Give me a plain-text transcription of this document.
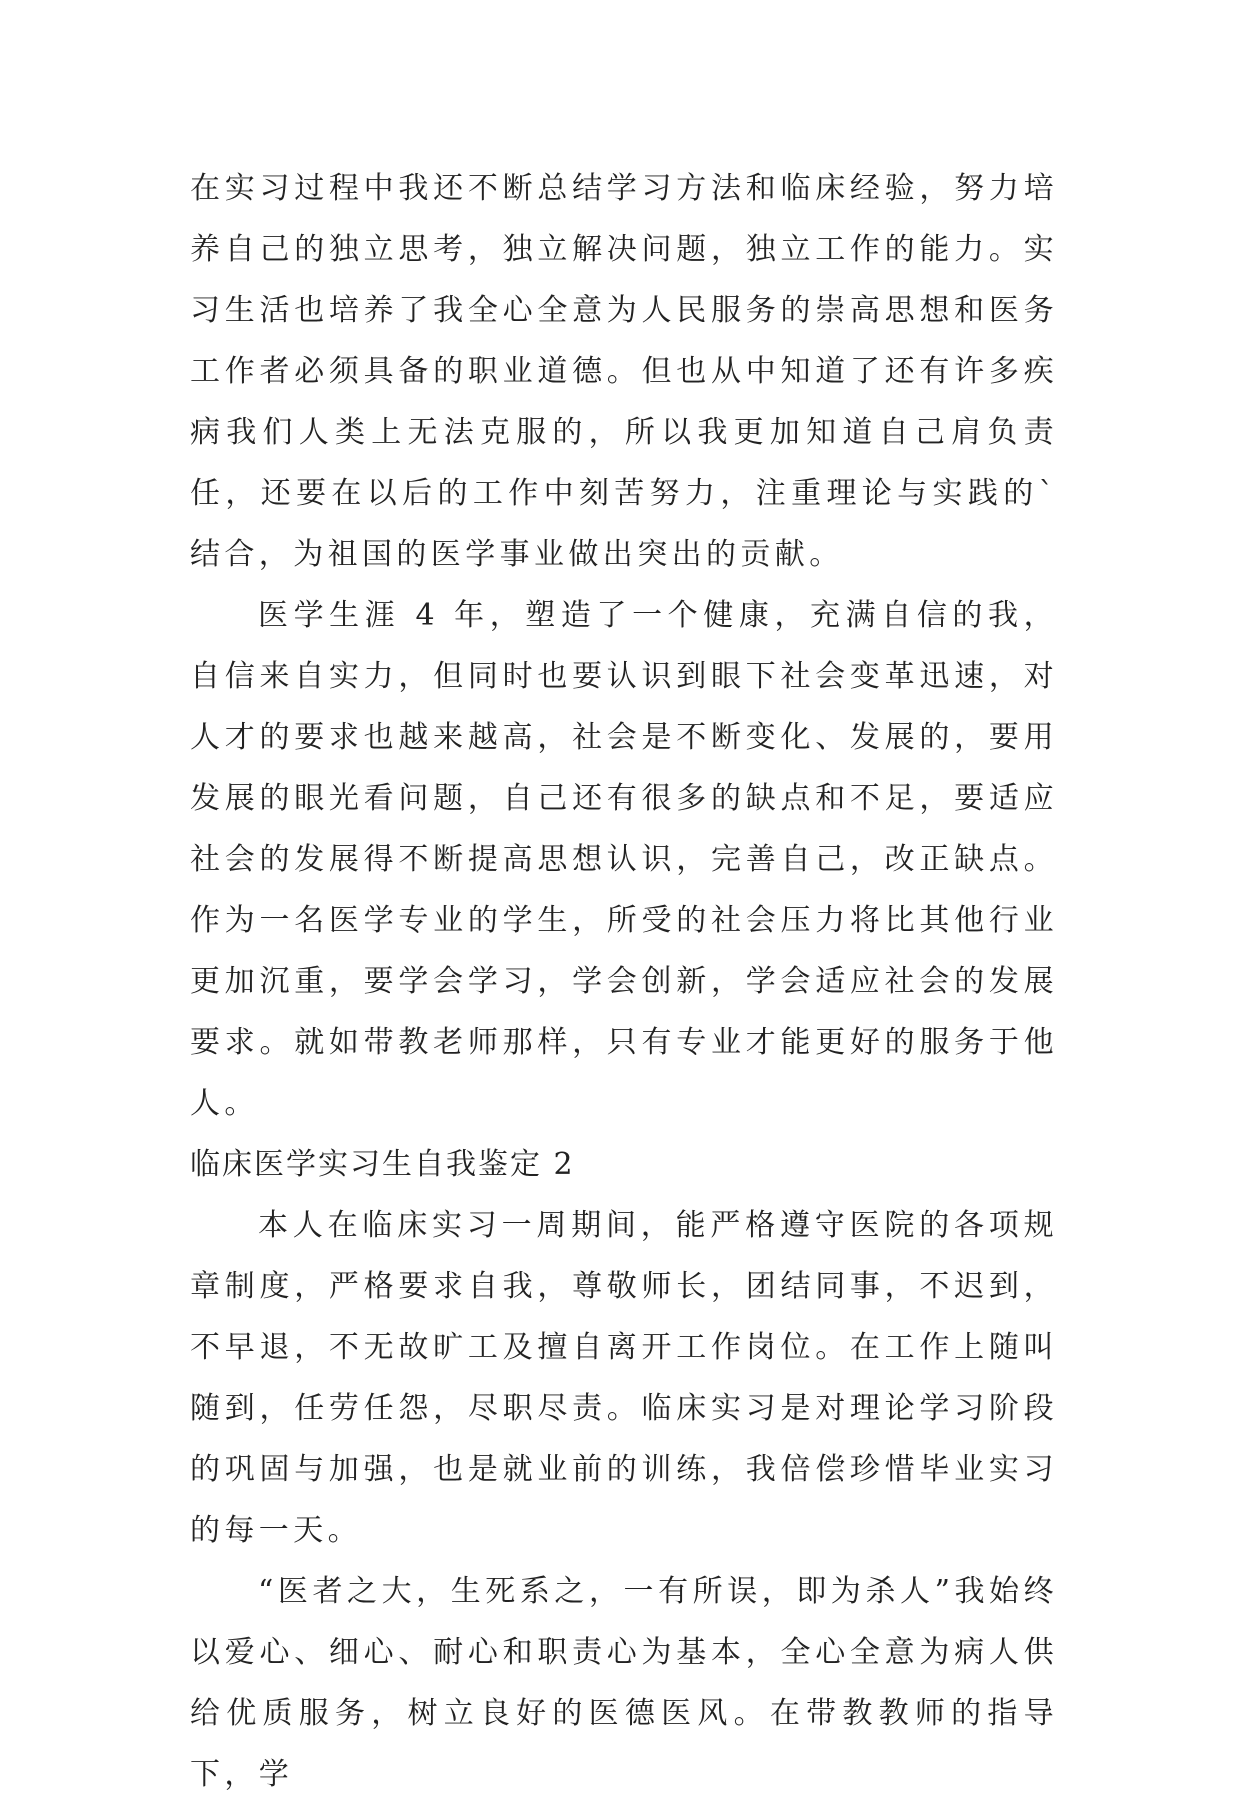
在实习过程中我还不断总结学习方法和临床经验，努力培养自己的独立思考，独立解决问题，独立工作的能力。实习生活也培养了我全心全意为人民服务的崇高思想和医务工作者必须具备的职业道德。但也从中知道了还有许多疾病我们人类上无法克服的，所以我更加知道自己肩负责任，还要在以后的工作中刻苦努力，注重理论与实践的`结合，为祖国的医学事业做出突出的贡献。

医学生涯 4 年，塑造了一个健康，充满自信的我，自信来自实力，但同时也要认识到眼下社会变革迅速，对人才的要求也越来越高，社会是不断变化、发展的，要用发展的眼光看问题，自己还有很多的缺点和不足，要适应社会的发展得不断提高思想认识，完善自己，改正缺点。作为一名医学专业的学生，所受的社会压力将比其他行业更加沉重，要学会学习，学会创新，学会适应社会的发展要求。就如带教老师那样，只有专业才能更好的服务于他人。

临床医学实习生自我鉴定 2

本人在临床实习一周期间，能严格遵守医院的各项规章制度，严格要求自我，尊敬师长，团结同事，不迟到，不早退，不无故旷工及擅自离开工作岗位。在工作上随叫随到，任劳任怨，尽职尽责。临床实习是对理论学习阶段的巩固与加强，也是就业前的训练，我倍偿珍惜毕业实习的每一天。

“医者之大，生死系之，一有所误，即为杀人”我始终以爱心、细心、耐心和职责心为基本，全心全意为病人供给优质服务，树立良好的医德医风。在带教教师的指导下，学
